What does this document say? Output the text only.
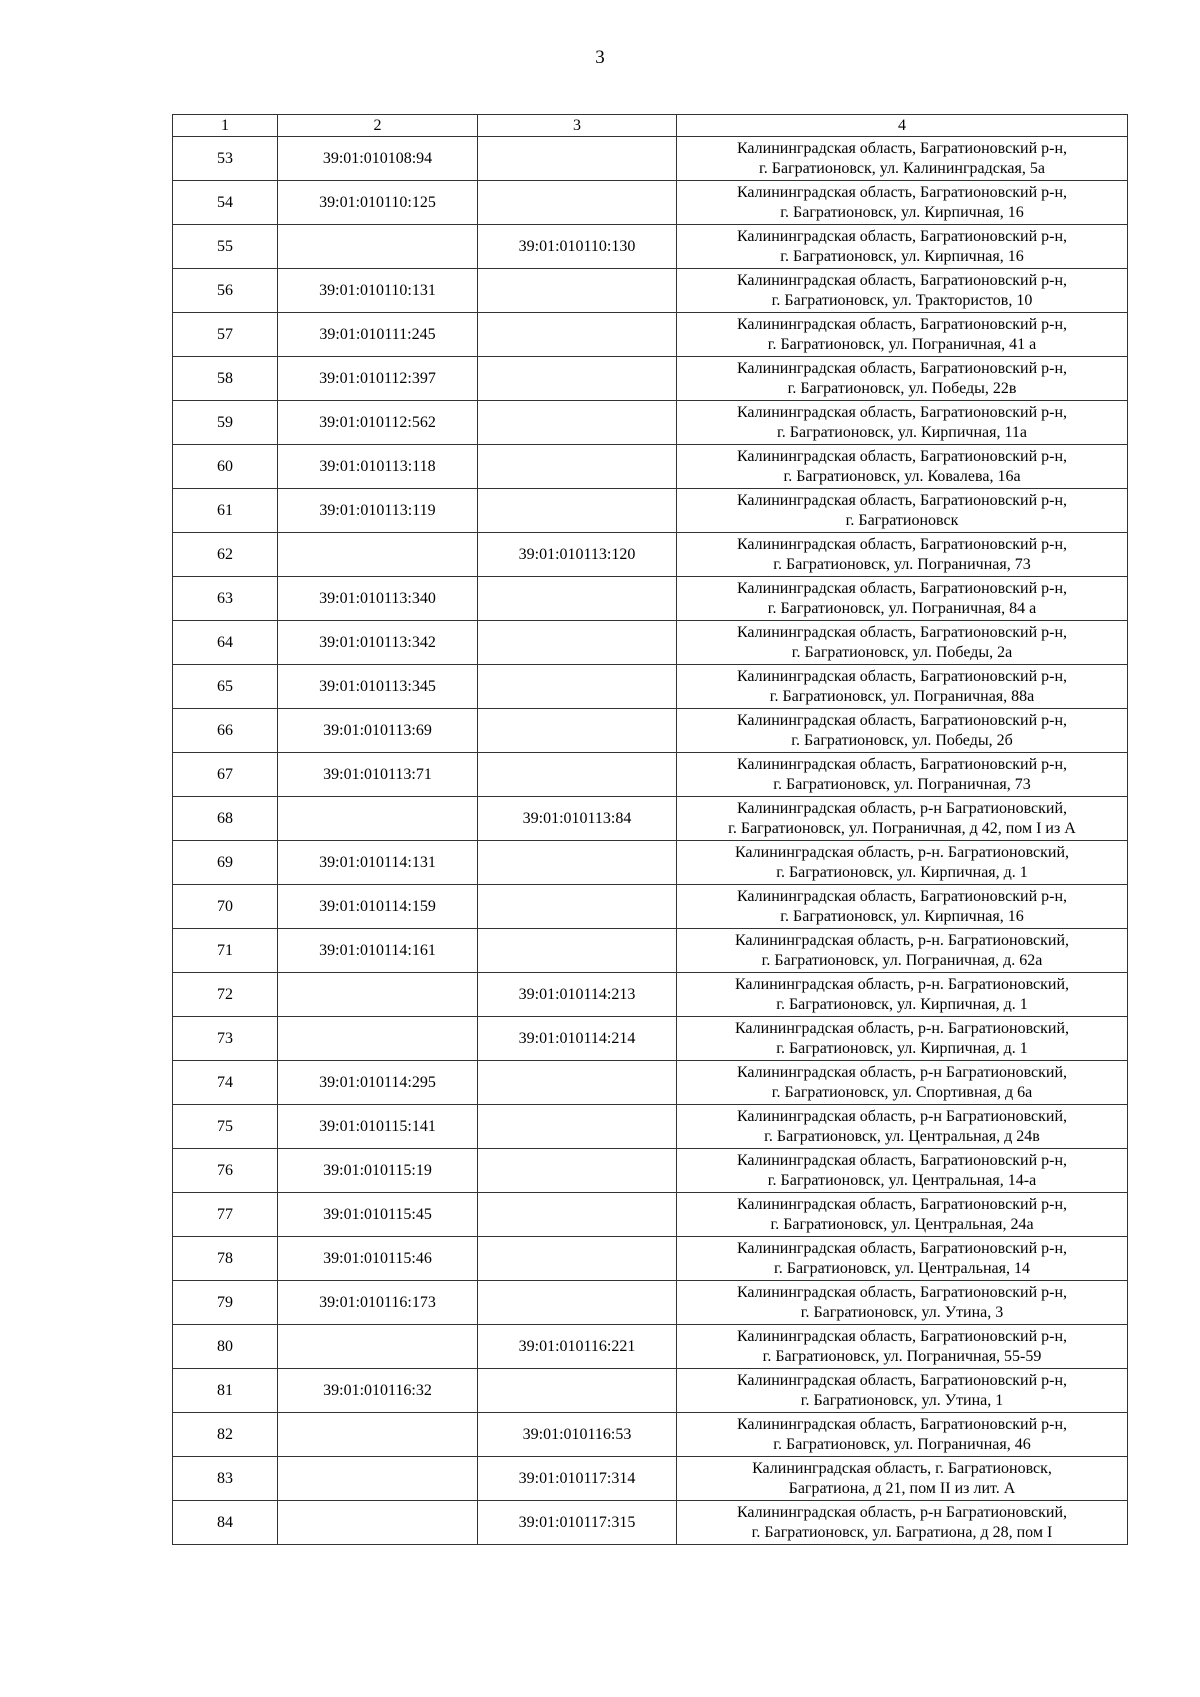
3
1	2	3	4
53	39:01:010108:94		Калининградская область, Багратионовский р-н,
г. Багратионовск, ул. Калининградская, 5а

54	39:01:010110:125		Калининградская область, Багратионовский р-н,
г. Багратионовск, ул. Кирпичная, 16

55		39:01:010110:130	Калининградская область, Багратионовский р-н,
г. Багратионовск, ул. Кирпичная, 16

56	39:01:010110:131		Калининградская область, Багратионовский р-н,
г. Багратионовск, ул. Трактористов, 10

57	39:01:010111:245		Калининградская область, Багратионовский р-н,
г. Багратионовск, ул. Пограничная, 41 а

58	39:01:010112:397		Калининградская область, Багратионовский р-н,
г. Багратионовск, ул. Победы, 22в

59	39:01:010112:562		Калининградская область, Багратионовский р-н,
г. Багратионовск, ул. Кирпичная, 11а

60	39:01:010113:118		Калининградская область, Багратионовский р-н,
г. Багратионовск, ул. Ковалева, 16а

61	39:01:010113:119		Калининградская область, Багратионовский р-н,
г. Багратионовск

62		39:01:010113:120	Калининградская область, Багратионовский р-н,
г. Багратионовск, ул. Пограничная, 73

63	39:01:010113:340		Калининградская область, Багратионовский р-н,
г. Багратионовск, ул. Пограничная, 84 а

64	39:01:010113:342		Калининградская область, Багратионовский р-н,
г. Багратионовск, ул. Победы, 2а

65	39:01:010113:345		Калининградская область, Багратионовский р-н,
г. Багратионовск, ул. Пограничная, 88а

66	39:01:010113:69		Калининградская область, Багратионовский р-н,
г. Багратионовск, ул. Победы, 2б

67	39:01:010113:71		Калининградская область, Багратионовский р-н,
г. Багратионовск, ул. Пограничная, 73

68		39:01:010113:84	Калининградская область, р-н Багратионовский,
г. Багратионовск, ул. Пограничная, д 42, пом I из А

69	39:01:010114:131		Калининградская область, р-н. Багратионовский,
г. Багратионовск, ул. Кирпичная, д. 1

70	39:01:010114:159		Калининградская область, Багратионовский р-н,
г. Багратионовск, ул. Кирпичная, 16

71	39:01:010114:161		Калининградская область, р-н. Багратионовский,
г. Багратионовск, ул. Пограничная, д. 62а

72		39:01:010114:213	Калининградская область, р-н. Багратионовский,
г. Багратионовск, ул. Кирпичная, д. 1

73		39:01:010114:214	Калининградская область, р-н. Багратионовский,
г. Багратионовск, ул. Кирпичная, д. 1

74	39:01:010114:295		Калининградская область, р-н Багратионовский,
г. Багратионовск, ул. Спортивная, д 6а

75	39:01:010115:141		Калининградская область, р-н Багратионовский,
г. Багратионовск, ул. Центральная, д 24в

76	39:01:010115:19		Калининградская область, Багратионовский р-н,
г. Багратионовск, ул. Центральная, 14-а

77	39:01:010115:45		Калининградская область, Багратионовский р-н,
г. Багратионовск, ул. Центральная, 24а

78	39:01:010115:46		Калининградская область, Багратионовский р-н,
г. Багратионовск, ул. Центральная, 14

79	39:01:010116:173		Калининградская область, Багратионовский р-н,
г. Багратионовск, ул. Утина, 3

80		39:01:010116:221	Калининградская область, Багратионовский р-н,
г. Багратионовск, ул. Пограничная, 55-59

81	39:01:010116:32		Калининградская область, Багратионовский р-н,
г. Багратионовск, ул. Утина, 1

82		39:01:010116:53	Калининградская область, Багратионовский р-н,
г. Багратионовск, ул. Пограничная, 46

83		39:01:010117:314	Калининградская область, г. Багратионовск,
Багратиона, д 21, пом II из лит. А

84		39:01:010117:315	Калининградская область, р-н Багратионовский,
г. Багратионовск, ул. Багратиона, д 28, пом I
